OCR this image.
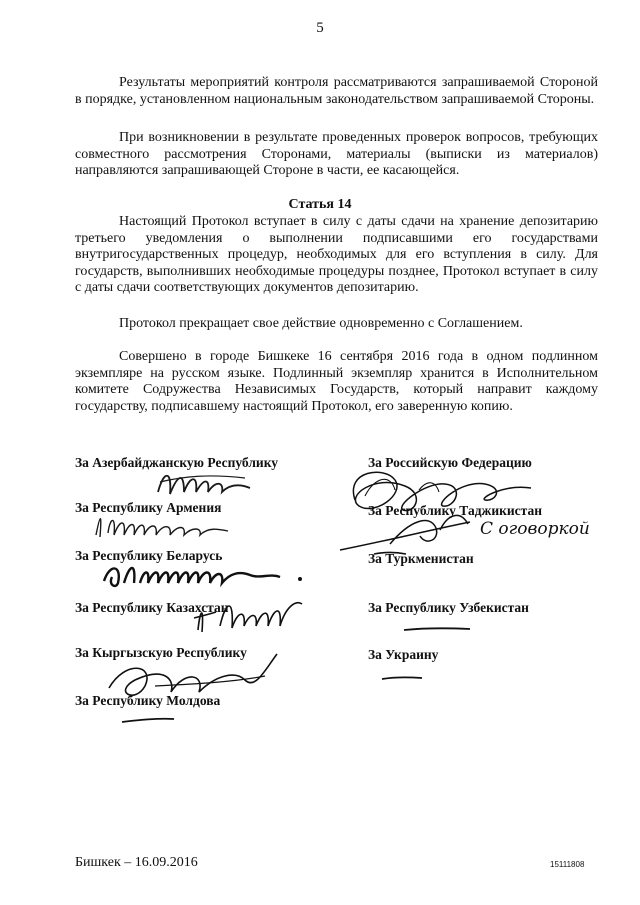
5

Результаты мероприятий контроля рассматриваются запрашиваемой Стороной в порядке, установленном национальным законодательством запрашиваемой Стороны.

При возникновении в результате проведенных проверок вопросов, требующих совместного рассмотрения Сторонами, материалы (выписки из материалов) направляются запрашивающей Стороне в части, ее касающейся.

Статья 14

Настоящий Протокол вступает в силу с даты сдачи на хранение депозитарию третьего уведомления о выполнении подписавшими его государствами внутригосударственных процедур, необходимых для его вступления в силу. Для государств, выполнивших необходимые процедуры позднее, Протокол вступает в силу с даты сдачи соответствующих документов депозитарию.

Протокол прекращает свое действие одновременно с Соглашением.

Совершено в городе Бишкеке 16 сентября 2016 года в одном подлинном экземпляре на русском языке. Подлинный экземпляр хранится в Исполнительном комитете Содружества Независимых Государств, который направит каждому государству, подписавшему настоящий Протокол, его заверенную копию.

За Азербайджанскую Республику
За Республику Армения
За Республику Беларусь
За Республику Казахстан
За Кыргызскую Республику
За Республику Молдова
За Российскую Федерацию
За Республику Таджикистан
За Туркменистан
За Республику Узбекистан
За Украину
С оговоркой
Бишкек – 16.09.2016	15111808
